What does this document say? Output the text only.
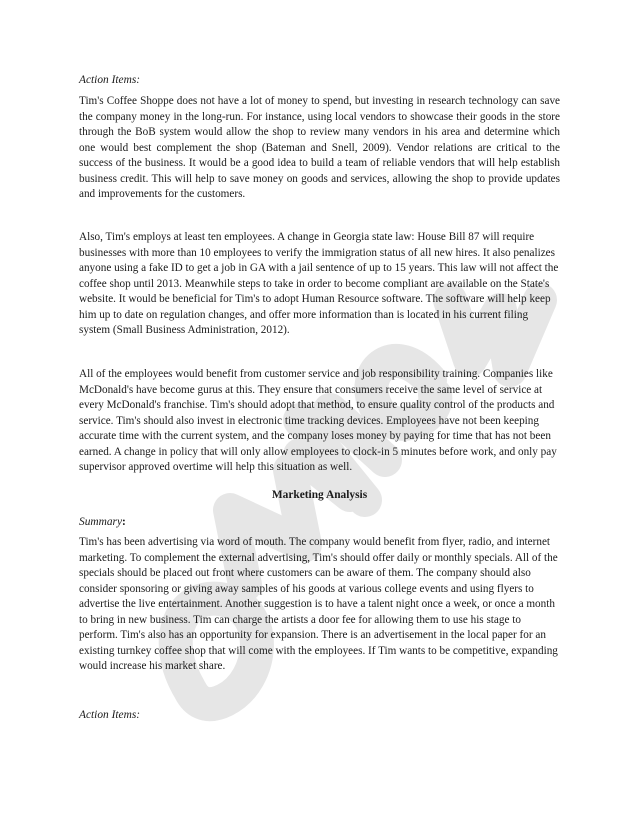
Action Items:

Tim's Coffee Shoppe does not have a lot of money to spend, but investing in research technology can save the company money in the long-run. For instance, using local vendors to showcase their goods in the store through the BoB system would allow the shop to review many vendors in his area and determine which one would best complement the shop (Bateman and Snell, 2009). Vendor relations are critical to the success of the business. It would be a good idea to build a team of reliable vendors that will help establish business credit. This will help to save money on goods and services, allowing the shop to provide updates and improvements for the customers.

Also, Tim's employs at least ten employees. A change in Georgia state law: House Bill 87 will require businesses with more than 10 employees to verify the immigration status of all new hires. It also penalizes anyone using a fake ID to get a job in GA with a jail sentence of up to 15 years. This law will not affect the coffee shop until 2013. Meanwhile steps to take in order to become compliant are available on the State's website. It would be beneficial for Tim's to adopt Human Resource software. The software will help keep him up to date on regulation changes, and offer more information than is located in his current filing system (Small Business Administration, 2012).

All of the employees would benefit from customer service and job responsibility training. Companies like McDonald's have become gurus at this. They ensure that consumers receive the same level of service at every McDonald's franchise. Tim's should adopt that method, to ensure quality control of the products and service. Tim's should also invest in electronic time tracking devices. Employees have not been keeping accurate time with the current system, and the company loses money by paying for time that has not been earned. A change in policy that will only allow employees to clock-in 5 minutes before work, and only pay supervisor approved overtime will help this situation as well.

Marketing Analysis
Summary:

Tim's has been advertising via word of mouth. The company would benefit from flyer, radio, and internet marketing. To complement the external advertising, Tim's should offer daily or monthly specials. All of the specials should be placed out front where customers can be aware of them. The company should also consider sponsoring or giving away samples of his goods at various college events and using flyers to advertise the live entertainment. Another suggestion is to have a talent night once a week, or once a month to bring in new business. Tim can charge the artists a door fee for allowing them to use his stage to perform. Tim's also has an opportunity for expansion. There is an advertisement in the local paper for an existing turnkey coffee shop that will come with the employees. If Tim wants to be competitive, expanding would increase his market share.

Action Items:
